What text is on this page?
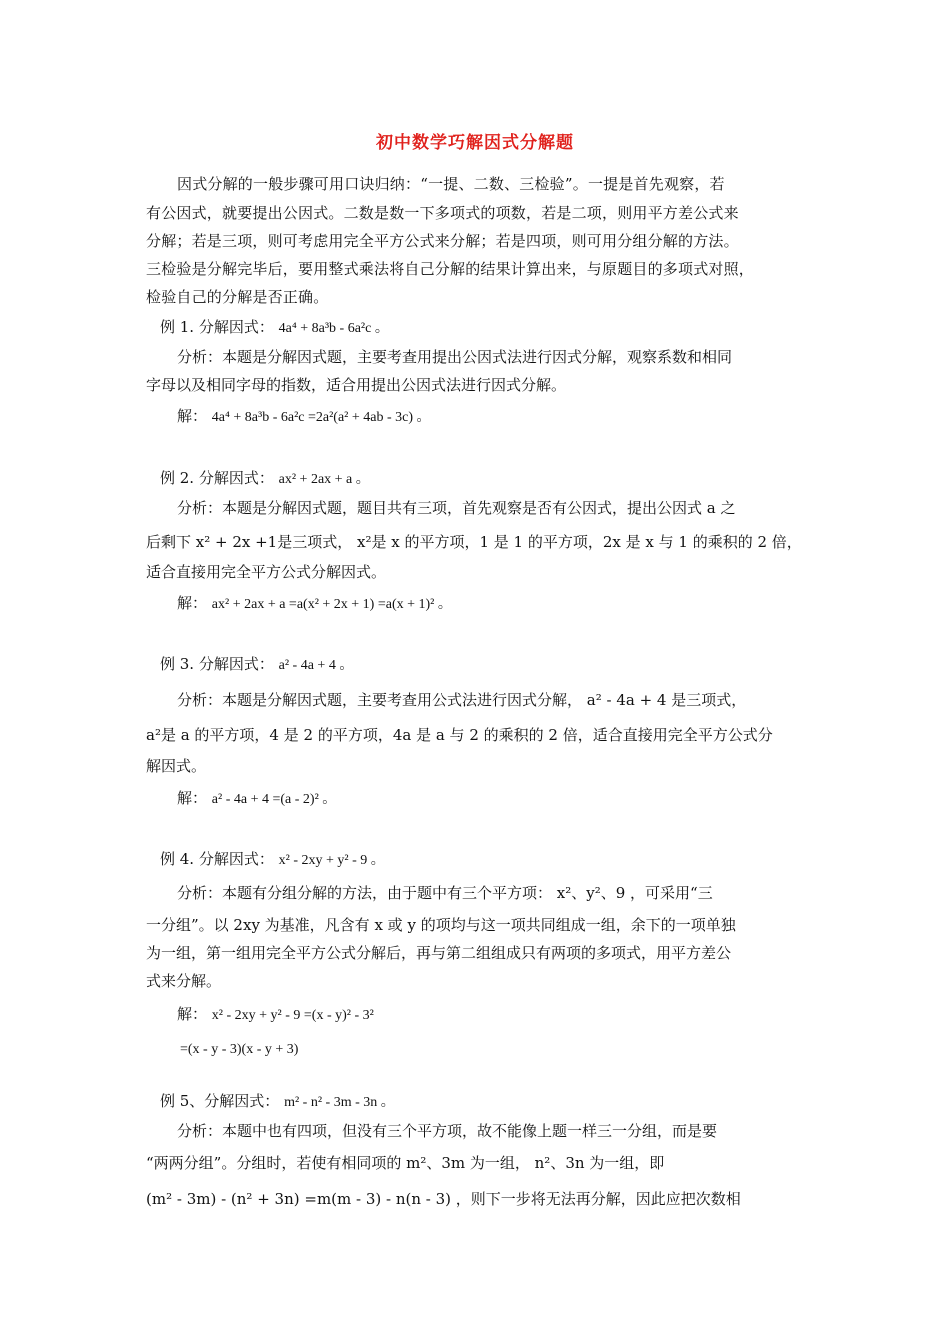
初中数学巧解因式分解题
因式分解的一般步骤可用口诀归纳：“一提、二数、三检验”。一提是首先观察，若
有公因式，就要提出公因式。二数是数一下多项式的项数，若是二项，则用平方差公式来
分解；若是三项，则可考虑用完全平方公式来分解；若是四项，则可用分组分解的方法。
三检验是分解完毕后，要用整式乘法将自己分解的结果计算出来，与原题目的多项式对照，
检验自己的分解是否正确。
例 1. 分解因式： 4a⁴ + 8a³b - 6a²c 。
分析：本题是分解因式题，主要考查用提出公因式法进行因式分解，观察系数和相同
字母以及相同字母的指数，适合用提出公因式法进行因式分解。
解： 4a⁴ + 8a³b - 6a²c =2a²(a² + 4ab - 3c) 。
例 2. 分解因式： ax² + 2ax + a 。
分析：本题是分解因式题，题目共有三项，首先观察是否有公因式，提出公因式 a 之
后剩下 x² + 2x +1是三项式， x²是 x 的平方项，1 是 1 的平方项，2x 是 x 与 1 的乘积的 2 倍，
适合直接用完全平方公式分解因式。
解： ax² + 2ax + a =a(x² + 2x + 1) =a(x + 1)² 。
例 3. 分解因式： a² - 4a + 4 。
分析：本题是分解因式题，主要考查用公式法进行因式分解， a² - 4a + 4 是三项式，
a²是 a 的平方项，4 是 2 的平方项，4a 是 a 与 2 的乘积的 2 倍，适合直接用完全平方公式分
解因式。
解： a² - 4a + 4 =(a - 2)² 。
例 4. 分解因式： x² - 2xy + y² - 9 。
分析：本题有分组分解的方法，由于题中有三个平方项： x²、y²、9 ，可采用“三
一分组”。以 2xy 为基准，凡含有 x 或 y 的项均与这一项共同组成一组，余下的一项单独
为一组，第一组用完全平方公式分解后，再与第二组组成只有两项的多项式，用平方差公
式来分解。
解： x² - 2xy + y² - 9 =(x - y)² - 3²
=(x - y - 3)(x - y + 3)
例 5、分解因式： m² - n² - 3m - 3n 。
分析：本题中也有四项，但没有三个平方项，故不能像上题一样三一分组，而是要
“两两分组”。分组时，若使有相同项的 m²、3m 为一组， n²、3n 为一组，即
(m² - 3m) - (n² + 3n) =m(m - 3) - n(n - 3) ，则下一步将无法再分解，因此应把次数相
